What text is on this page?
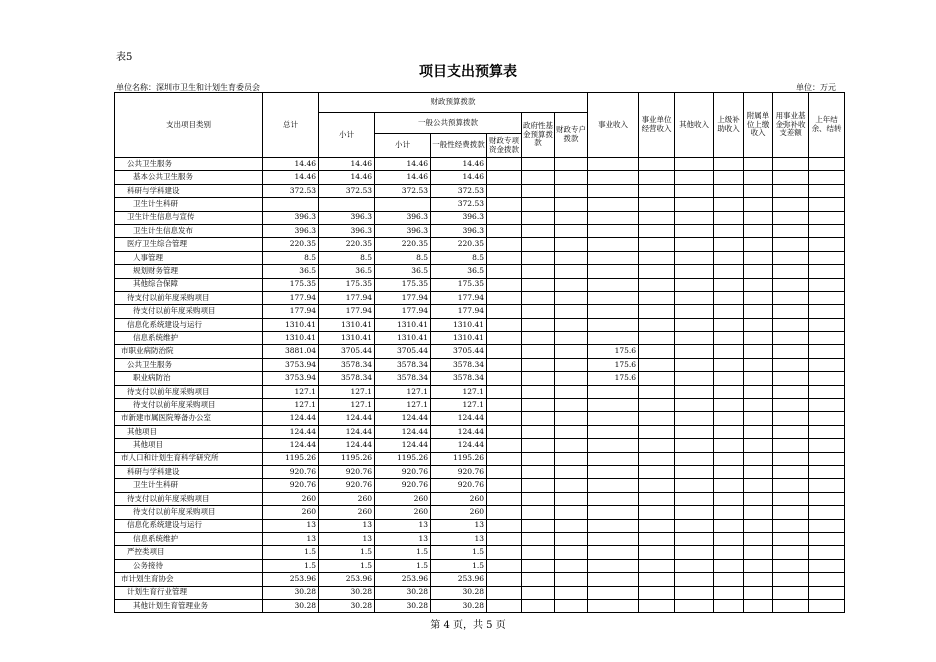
表5
项目支出预算表
单位名称：深圳市卫生和计划生育委员会	单位：万元
支出项目类别	总计	财政预算拨款						事业收入	事业单位经营收入	其他收入	上级补助收入	附属单位上缴收入	用事业基金弥补收支差额	上年结余、结转
		小计	一般公共预算拨款			政府性基金预算拨款	财政专户拨款							
			小计	一般性经费拨款	财政专项资金拨款									
公共卫生服务	14.46	14.46	14.46	14.46										
基本公共卫生服务	14.46	14.46	14.46	14.46										
科研与学科建设	372.53	372.53	372.53	372.53										
卫生计生科研				372.53										
卫生计生信息与宣传	396.3	396.3	396.3	396.3										
卫生计生信息发布	396.3	396.3	396.3	396.3										
医疗卫生综合管理	220.35	220.35	220.35	220.35										
人事管理	8.5	8.5	8.5	8.5										
规划财务管理	36.5	36.5	36.5	36.5										
其他综合保障	175.35	175.35	175.35	175.35										
待支付以前年度采购项目	177.94	177.94	177.94	177.94										
待支付以前年度采购项目	177.94	177.94	177.94	177.94										
信息化系统建设与运行	1310.41	1310.41	1310.41	1310.41										
信息系统维护	1310.41	1310.41	1310.41	1310.41										
市职业病防治院	3881.04	3705.44	3705.44	3705.44				175.6						
公共卫生服务	3753.94	3578.34	3578.34	3578.34				175.6						
职业病防治	3753.94	3578.34	3578.34	3578.34				175.6						
待支付以前年度采购项目	127.1	127.1	127.1	127.1										
待支付以前年度采购项目	127.1	127.1	127.1	127.1										
市新建市属医院筹备办公室	124.44	124.44	124.44	124.44										
其他项目	124.44	124.44	124.44	124.44										
其他项目	124.44	124.44	124.44	124.44										
市人口和计划生育科学研究所	1195.26	1195.26	1195.26	1195.26										
科研与学科建设	920.76	920.76	920.76	920.76										
卫生计生科研	920.76	920.76	920.76	920.76										
待支付以前年度采购项目	260	260	260	260										
待支付以前年度采购项目	260	260	260	260										
信息化系统建设与运行	13	13	13	13										
信息系统维护	13	13	13	13										
严控类项目	1.5	1.5	1.5	1.5										
公务接待	1.5	1.5	1.5	1.5										
市计划生育协会	253.96	253.96	253.96	253.96										
计划生育行业管理	30.28	30.28	30.28	30.28										
其他计划生育管理业务	30.28	30.28	30.28	30.28										
第 4 页，共 5 页
